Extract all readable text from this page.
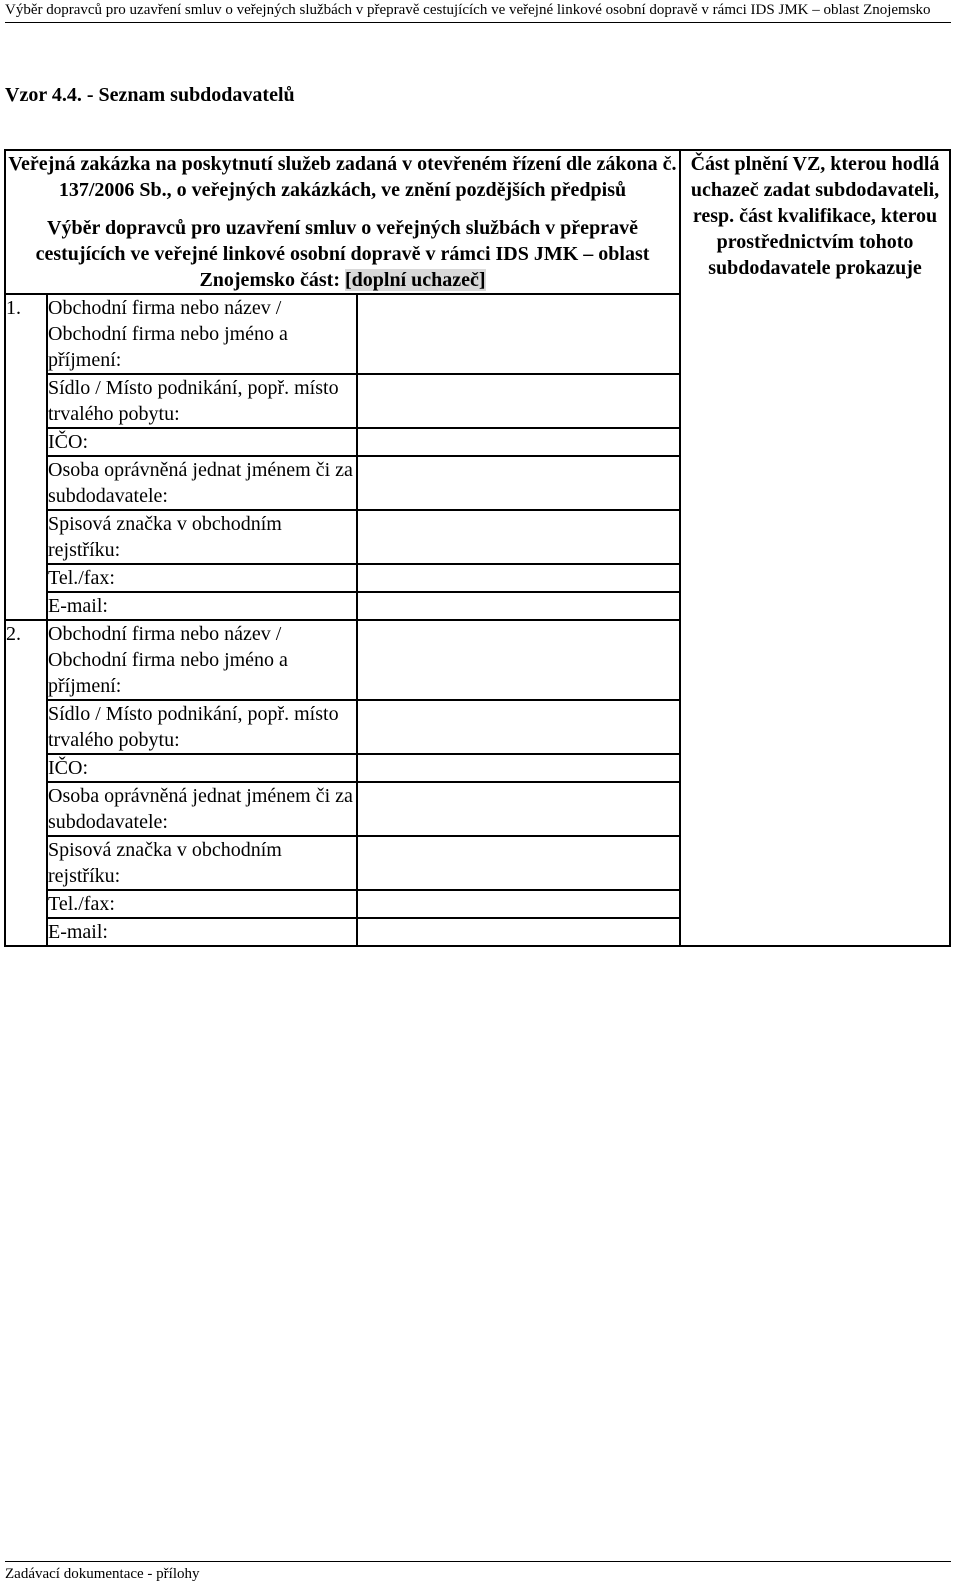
Výběr dopravců pro uzavření smluv o veřejných službách v přepravě cestujících ve veřejné linkové osobní dopravě v rámci IDS JMK – oblast Znojemsko
Vzor 4.4. - Seznam subdodavatelů

Veřejná zakázka na poskytnutí služeb zadaná v otevřeném řízení dle zákona č. 137/2006 Sb., o veřejných zakázkách, ve znění pozdějších předpisů

Výběr dopravců pro uzavření smluv o veřejných službách v přepravě cestujících ve veřejné linkové osobní dopravě v rámci IDS JMK – oblast Znojemsko část: [doplní uchazeč]			Část plnění VZ, kterou hodlá uchazeč zadat subdodavateli, resp. část kvalifikace, kterou prostřednictvím tohoto subdodavatele prokazuje
1.	Obchodní firma nebo název / Obchodní firma nebo jméno a příjmení:		
	Sídlo / Místo podnikání, popř. místo trvalého pobytu:		
	IČO:		
	Osoba oprávněná jednat jménem či za subdodavatele:		
	Spisová značka v obchodním rejstříku:		
	Tel./fax:		
	E-mail:		
2.	Obchodní firma nebo název / Obchodní firma nebo jméno a příjmení:		
	Sídlo / Místo podnikání, popř. místo trvalého pobytu:		
	IČO:		
	Osoba oprávněná jednat jménem či za subdodavatele:		
	Spisová značka v obchodním rejstříku:		
	Tel./fax:		
	E-mail:		
Zadávací dokumentace - přílohy
